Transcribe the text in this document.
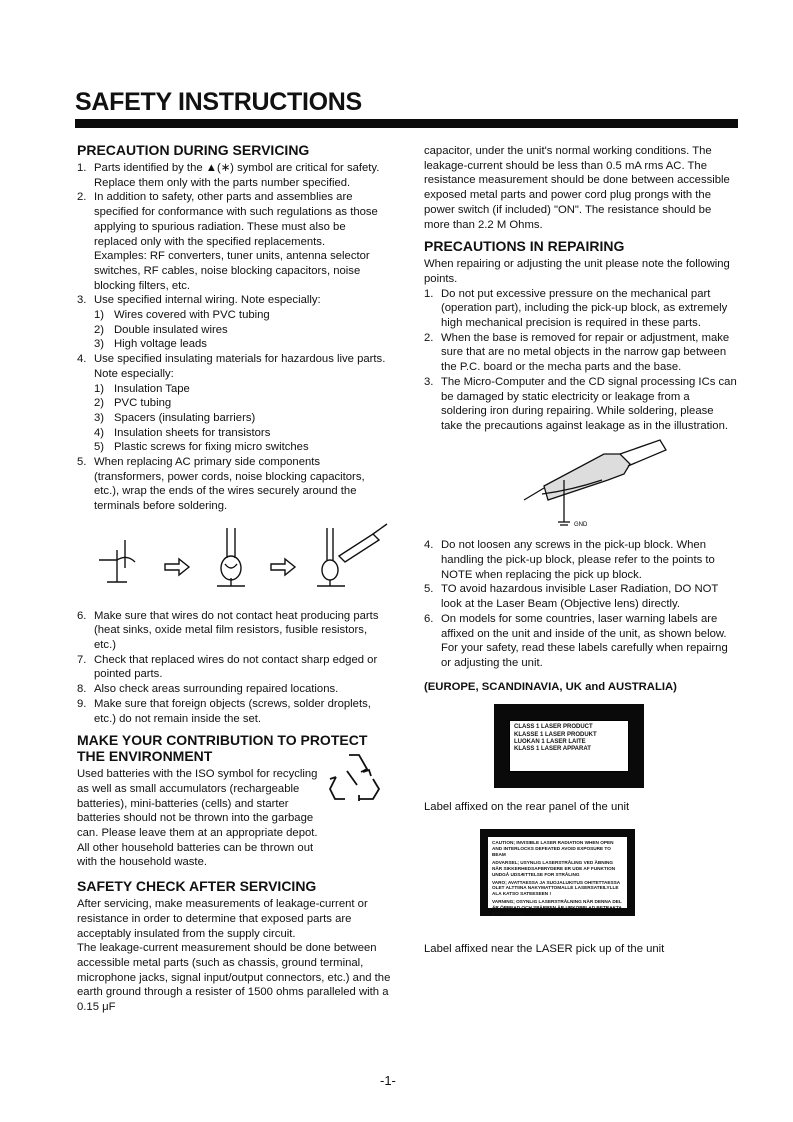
SAFETY INSTRUCTIONS
PRECAUTION DURING SERVICING
1. Parts identified by the ▲(∗) symbol are critical for safety. Replace them only with the parts number specified.
2. In addition to safety, other parts and assemblies are specified for conformance with such regulations as those applying to spurious radiation. These must also be replaced only with the specified replacements.

Examples: RF converters, tuner units, antenna selector switches, RF cables, noise blocking capacitors, noise blocking filters, etc.

3. Use specified internal wiring. Note especially:
1) Wires covered with PVC tubing
2) Double insulated wires
3) High voltage leads
4. Use specified insulating materials for hazardous live parts. Note especially:
1) Insulation Tape
2) PVC tubing
3) Spacers (insulating barriers)
4) Insulation sheets for transistors
5) Plastic screws for fixing micro switches
5. When replacing AC primary side components (transformers, power cords, noise blocking capacitors, etc.), wrap the ends of the wires securely around the terminals before soldering.
6. Make sure that wires do not contact heat producing parts (heat sinks, oxide metal film resistors, fusible resistors, etc.)
7. Check that replaced wires do not contact sharp edged or pointed parts.
8. Also check areas surrounding repaired locations.
9. Make sure that foreign objects (screws, solder droplets, etc.) do not remain inside the set.
MAKE YOUR CONTRIBUTION TO PROTECT THE ENVIRONMENT

Used batteries with the ISO symbol for recycling as well as small accumulators (rechargeable batteries), mini-batteries (cells) and starter batteries should not be thrown into the garbage can. Please leave them at an appropriate depot. All other household batteries can be thrown out with the household waste.

SAFETY CHECK AFTER SERVICING

After servicing, make measurements of leakage-current or resistance in order to determine that exposed parts are acceptably insulated from the supply circuit.

The leakage-current measurement should be done between accessible metal parts (such as chassis, ground terminal, microphone jacks, signal input/output connectors, etc.) and the earth ground through a resister of 1500 ohms paralleled with a 0.15 μF

capacitor, under the unit's normal working conditions. The leakage-current should be less than 0.5 mA rms AC. The resistance measurement should be done between accessible exposed metal parts and power cord plug prongs with the power switch (if included) "ON". The resistance should be more than 2.2 M Ohms.

PRECAUTIONS IN REPAIRING

When repairing or adjusting the unit please note the following points.

1. Do not put excessive pressure on the mechanical part (operation part), including the pick-up block, as extremely high mechanical precision is required in these parts.
2. When the base is removed for repair or adjustment, make sure that are no metal objects in the narrow gap between the P.C. board or the mecha parts and the base.
3. The Micro-Computer and the CD signal processing ICs can be damaged by static electricity or leakage from a soldering iron during repairing. While soldering, please take the precautions against leakage as in the illustration.
GND
4. Do not loosen any screws in the pick-up block. When handling the pick-up block, please refer to the points to NOTE when replacing the pick up block.
5. TO avoid hazardous invisible Laser Radiation, DO NOT look at the Laser Beam (Objective lens) directly.
6. On models for some countries, laser warning labels are affixed on the unit and inside of the unit, as shown below. For your safety, read these labels carefully when repairng or adjusting the unit.

(EUROPE, SCANDINAVIA, UK and AUSTRALIA)

CLASS 1 LASER PRODUCT
KLASSE 1 LASER PRODUKT
LUOKAN 1 LASER LAITE
KLASS 1 LASER APPARAT

Label affixed on the rear panel of the unit

CAUTION; INVISIBLE LASER RADIATION WHEN OPEN AND INTERLOCKS DEFEATED AVOID EXPOSURE TO BEAM
ADVARSEL; USYNLIG LASERSTRÅLING VED ÅBNING NÅR SIKKERHEDSAFBRYDERE ER UDE AF FUNKTION UNDGÅ UDSÆTTELSE FOR STRÅLING
VARO; AVATTAESSA JA SUOJALUKITUS OHITETTAESSA OLET ALTTIINA NAKYMATTOMALLE LASERSATEILYLLE ALA KATSO SATEESEEN !
VARNING; OSYNLIG LASERSTRÅLNING NÄR DENNA DEL ÄR ÖPPNAD OCH SPÄRREN ÄR URKOPPLAD BETRAKTA EJ STRÅLEN !

Label affixed near the LASER pick up of the unit

-1-
